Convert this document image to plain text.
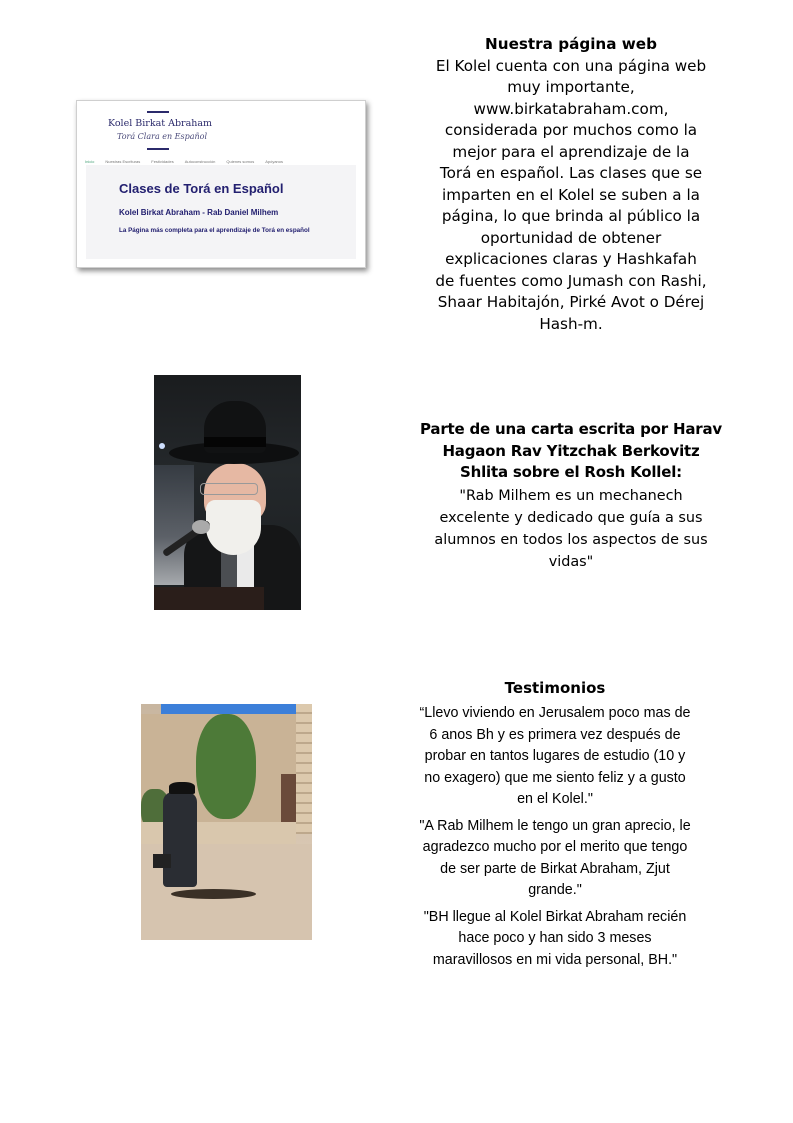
Kolel Birkat Abraham
Torá Clara en Español
Inicio	Nuestras Escrituras	Festividades	Autoconstrucción	Quienes somos	Apóyanos
Clases de Torá en Español
Kolel Birkat Abraham - Rab Daniel Milhem
La Página más completa para el aprendizaje de Torá en español
Nuestra página web
El Kolel cuenta con una página web
muy importante,
www.birkatabraham.com,
considerada por muchos como la
mejor para el aprendizaje de la
Torá en español. Las clases que se
imparten en el Kolel se suben a la
página, lo que brinda al público la
oportunidad de obtener
explicaciones claras y Hashkafah
de fuentes como Jumash con Rashi,
Shaar Habitajón, Pirké Avot o Dérej
Hash-m.
Parte de una carta escrita por Harav
Hagaon Rav Yitzchak Berkovitz
Shlita sobre el Rosh Kollel:
"Rab Milhem es un mechanech
excelente y dedicado que guía a sus
alumnos en todos los aspectos de sus
vidas"
Testimonios
“Llevo viviendo en Jerusalem poco mas de
6 anos Bh y es primera vez después de
probar en tantos lugares de estudio (10 y
no exagero) que me siento feliz y a gusto
en el Kolel."
"A Rab Milhem le tengo un gran aprecio, le
agradezco mucho por el merito que tengo
de ser parte de Birkat Abraham, Zjut
grande."
"BH llegue al Kolel Birkat Abraham recién
hace poco y han sido 3 meses
maravillosos en mi vida personal, BH."
